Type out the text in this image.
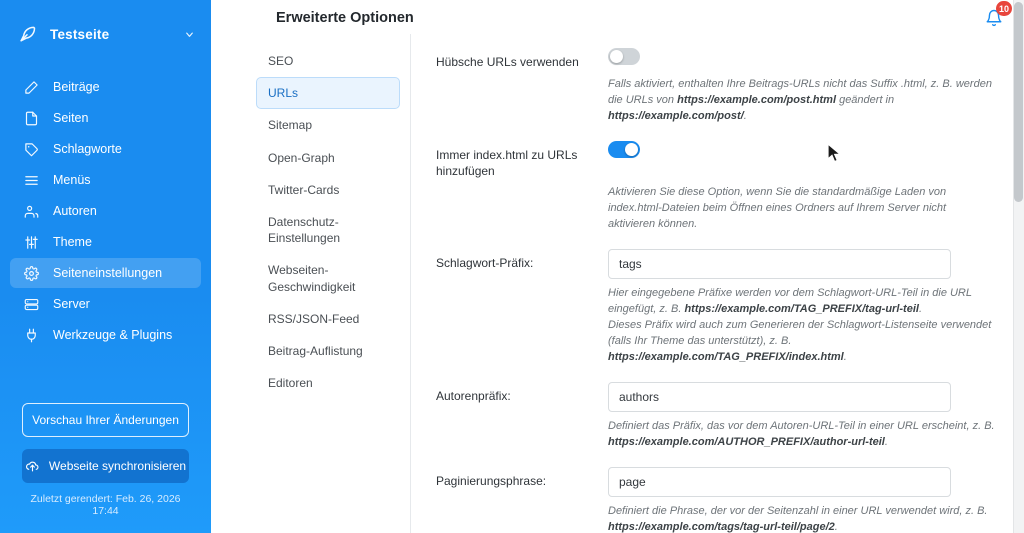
Testseite
Beiträge
Seiten
Schlagworte
Menüs
Autoren
Theme
Seiteneinstellungen
Server
Werkzeuge & Plugins
Vorschau Ihrer Änderungen
Webseite synchronisieren
Zuletzt gerendert: Feb. 26, 2026 17:44
Erweiterte Optionen
10
SEO
URLs
Sitemap
Open-Graph
Twitter-Cards
Datenschutz-Einstellungen
Webseiten-Geschwindigkeit
RSS/JSON-Feed
Beitrag-Auflistung
Editoren
Hübsche URLs verwenden
Falls aktiviert, enthalten Ihre Beitrags-URLs nicht das Suffix .html, z. B. werden
die URLs von https://example.com/post.html geändert in
https://example.com/post/.
Immer index.html zu URLs
hinzufügen
Aktivieren Sie diese Option, wenn Sie die standardmäßige Laden von
index.html-Dateien beim Öffnen eines Ordners auf Ihrem Server nicht
aktivieren können.
Schlagwort-Präfix:
tags
Hier eingegebene Präfixe werden vor dem Schlagwort-URL-Teil in die URL
eingefügt, z. B. https://example.com/TAG_PREFIX/tag-url-teil.
Dieses Präfix wird auch zum Generieren der Schlagwort-Listenseite verwendet
(falls Ihr Theme das unterstützt), z. B.
https://example.com/TAG_PREFIX/index.html.
Autorenpräfix:
authors
Definiert das Präfix, das vor dem Autoren-URL-Teil in einer URL erscheint, z. B.
https://example.com/AUTHOR_PREFIX/author-url-teil.
Paginierungsphrase:
page
Definiert die Phrase, der vor der Seitenzahl in einer URL verwendet wird, z. B.
https://example.com/tags/tag-url-teil/page/2.
